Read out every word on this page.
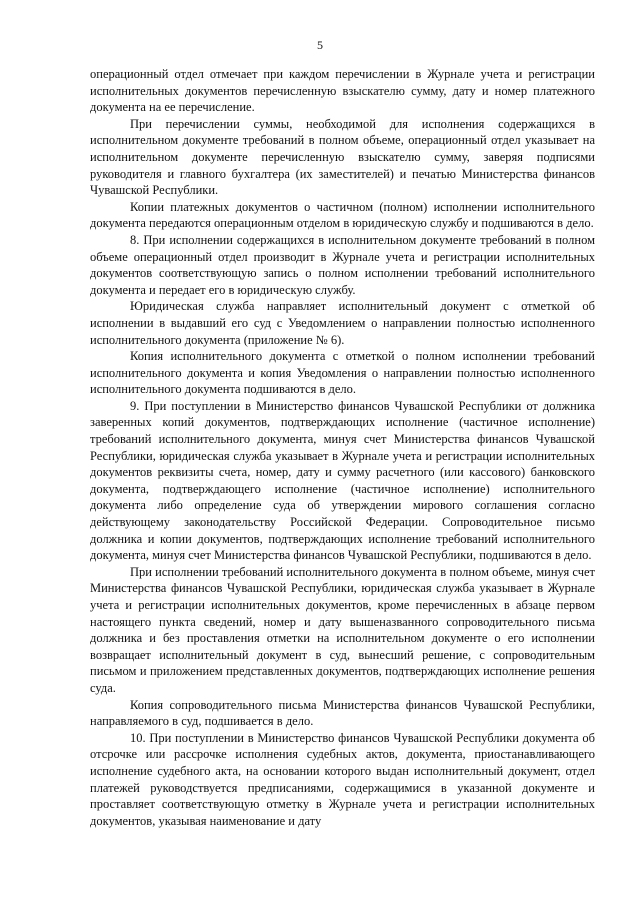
5

операционный отдел отмечает при каждом перечислении в Журнале учета и регистрации исполнительных документов перечисленную взыскателю сумму, дату и номер платежного документа на ее перечисление.

При перечислении суммы, необходимой для исполнения содержащихся в исполнительном документе требований в полном объеме, операционный отдел указывает на исполнительном документе перечисленную взыскателю сумму, заверяя подписями руководителя и главного бухгалтера (их заместителей) и печатью Министерства финансов Чувашской Республики.

Копии платежных документов о частичном (полном) исполнении исполнительного документа передаются операционным отделом в юридическую службу и подшиваются в дело.

8. При исполнении содержащихся в исполнительном документе требований в полном объеме операционный отдел производит в Журнале учета и регистрации исполнительных документов соответствующую запись о полном исполнении требований исполнительного документа и передает его в юридическую службу.

Юридическая служба направляет исполнительный документ с отметкой об исполнении в выдавший его суд с Уведомлением о направлении полностью исполненного исполнительного документа (приложение № 6).

Копия исполнительного документа с отметкой о полном исполнении требований исполнительного документа и копия Уведомления о направлении полностью исполненного исполнительного документа подшиваются в дело.

9. При поступлении в Министерство финансов Чувашской Республики от должника заверенных копий документов, подтверждающих исполнение (частичное исполнение) требований исполнительного документа, минуя счет Министерства финансов Чувашской Республики, юридическая служба указывает в Журнале учета и регистрации исполнительных документов реквизиты счета, номер, дату и сумму расчетного (или кассового) банковского документа, подтверждающего исполнение (частичное исполнение) исполнительного документа либо определение суда об утверждении мирового соглашения согласно действующему законодательству Российской Федерации. Сопроводительное письмо должника и копии документов, подтверждающих исполнение требований исполнительного документа, минуя счет Министерства финансов Чувашской Республики, подшиваются в дело.

При исполнении требований исполнительного документа в полном объеме, минуя счет Министерства финансов Чувашской Республики, юридическая служба указывает в Журнале учета и регистрации исполнительных документов, кроме перечисленных в абзаце первом настоящего пункта сведений, номер и дату вышеназванного сопроводительного письма должника и без проставления отметки на исполнительном документе о его исполнении возвращает исполнительный документ в суд, вынесший решение, с сопроводительным письмом и приложением представленных документов, подтверждающих исполнение решения суда.

Копия сопроводительного письма Министерства финансов Чувашской Республики, направляемого в суд, подшивается в дело.

10. При поступлении в Министерство финансов Чувашской Республики документа об отсрочке или рассрочке исполнения судебных актов, документа, приостанавливающего исполнение судебного акта, на основании которого выдан исполнительный документ, отдел платежей руководствуется предписаниями, содержащимися в указанной документе и проставляет соответствующую отметку в Журнале учета и регистрации исполнительных документов, указывая наименование и дату
